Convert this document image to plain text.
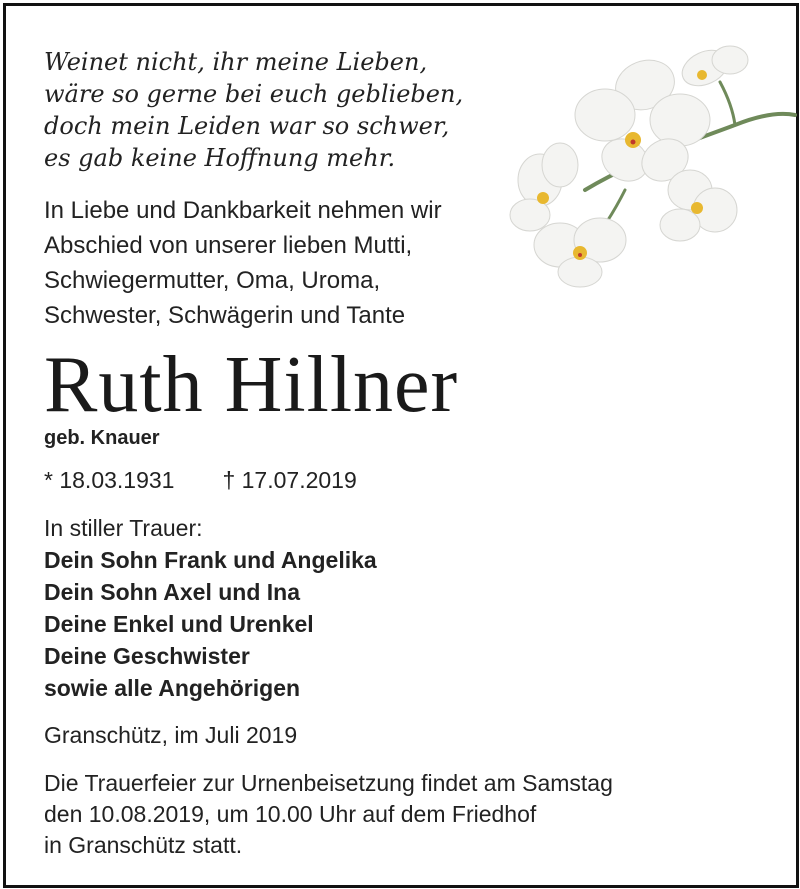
Weinet nicht, ihr meine Lieben,
wäre so gerne bei euch geblieben,
doch mein Leiden war so schwer,
es gab keine Hoffnung mehr.
In Liebe und Dankbarkeit nehmen wir
Abschied von unserer lieben Mutti,
Schwiegermutter, Oma, Uroma,
Schwester, Schwägerin und Tante
Ruth Hillner
geb. Knauer
* 18.03.1931 † 17.07.2019
In stiller Trauer:
Dein Sohn Frank und Angelika
Dein Sohn Axel und Ina
Deine Enkel und Urenkel
Deine Geschwister
sowie alle Angehörigen
Granschütz, im Juli 2019
Die Trauerfeier zur Urnenbeisetzung findet am Samstag
den 10.08.2019, um 10.00 Uhr auf dem Friedhof
in Granschütz statt.
